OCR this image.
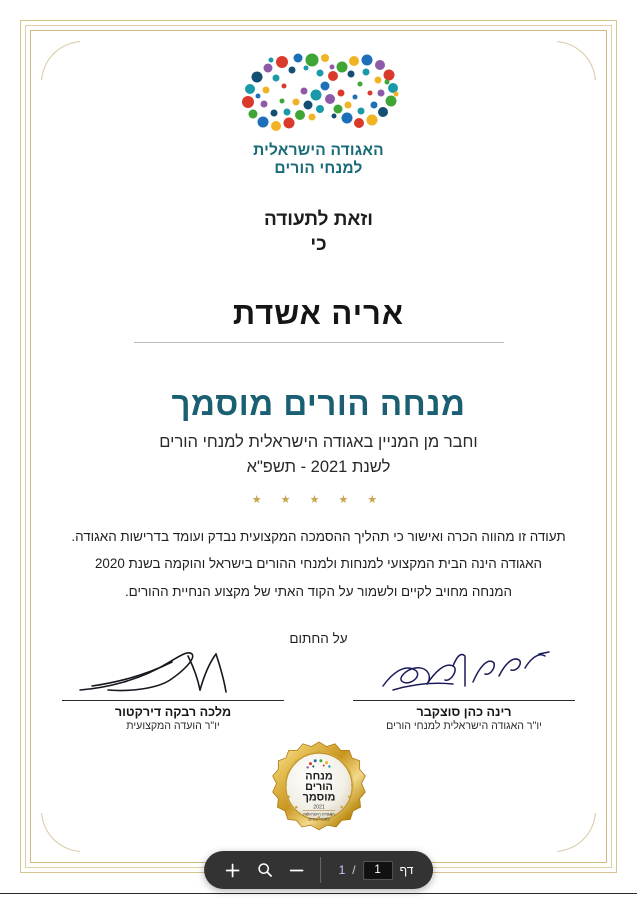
האגודה הישראלית
למנחי הורים
וזאת לתעודה
כי
אריה אשדת
מנחה הורים מוסמך
וחבר מן המניין באגודה הישראלית למנחי הורים
לשנת 2021 - תשפ"א
★ ★ ★ ★ ★
תעודה זו מהווה הכרה ואישור כי תהליך ההסמכה המקצועית נבדק ועומד בדרישות האגודה.
האגודה הינה הבית המקצועי למנחות ולמנחי ההורים בישראל והוקמה בשנת 2020
המנחה מחויב לקיים ולשמור על הקוד האתי של מקצוע הנחיית ההורים.
על החתום
רינה כהן סוצקבר
יו"ר האגודה הישראלית למנחי הורים
מלכה רבקה דירקטור
יו"ר הועדה המקצועית
מנחה
הורים
מוסמך
2021
האגודה הישראלית
למנחי הורים
דף
1
/
1
